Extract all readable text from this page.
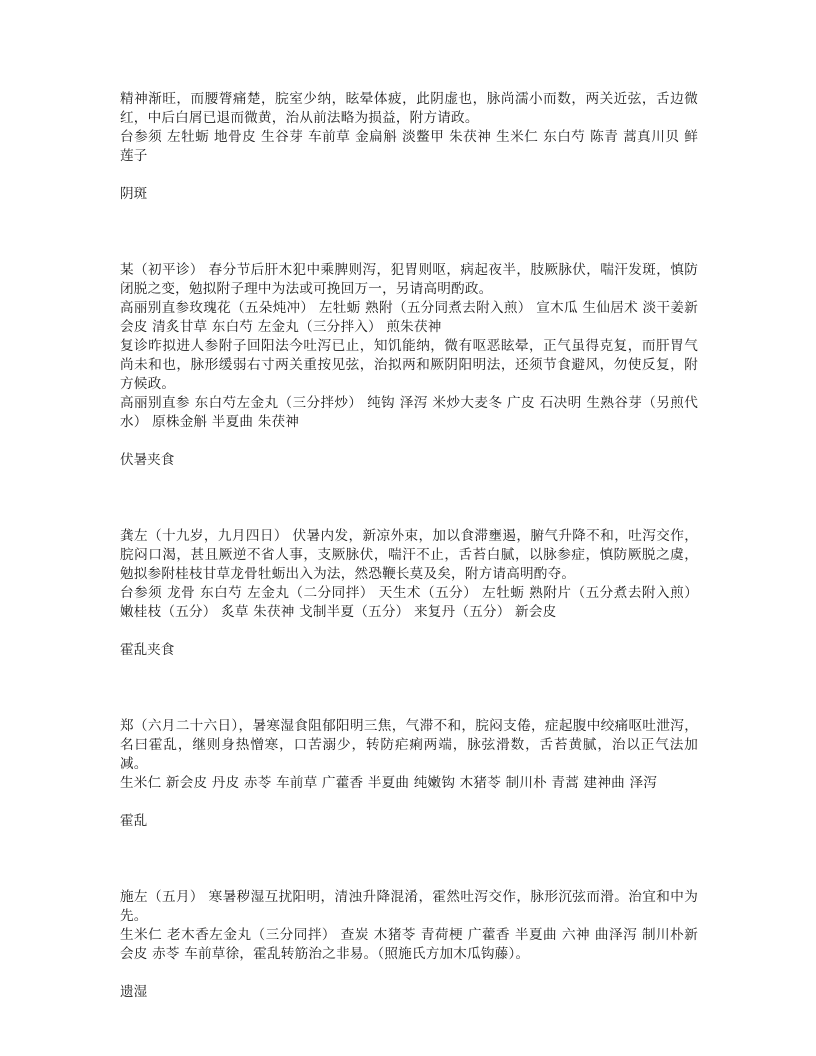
精神渐旺，而腰膂痛楚，脘室少纳，眩晕体疲，此阴虚也，脉尚濡小而数，两关近弦，舌边微红，中后白屑已退而微黄，治从前法略为损益，附方请政。

台参须 左牡蛎 地骨皮 生谷芽 车前草 金扁斛 淡鳖甲 朱茯神 生米仁 东白芍 陈青 蒿真川贝 鲜莲子

阴斑

某（初平诊） 春分节后肝木犯中乘脾则泻，犯胃则呕，病起夜半，肢厥脉伏，喘汗发斑，慎防闭脱之变，勉拟附子理中为法或可挽回万一，另请高明酌政。

高丽别直参玫瑰花（五朵炖冲） 左牡蛎 熟附（五分同煮去附入煎） 宣木瓜 生仙居术 淡干姜新会皮 清炙甘草 东白芍 左金丸（三分拌入） 煎朱茯神

复诊昨拟进人参附子回阳法今吐泻已止，知饥能纳，微有呕恶眩晕，正气虽得克复，而肝胃气尚未和也，脉形缓弱右寸两关重按见弦，治拟两和厥阴阳明法，还须节食避风，勿使反复，附方候政。

高丽别直参 东白芍左金丸（三分拌炒） 纯钩 泽泻 米炒大麦冬 广皮 石决明 生熟谷芽（另煎代水） 原株金斛 半夏曲 朱茯神

伏暑夹食

龚左（十九岁，九月四日） 伏暑内发，新凉外束，加以食滞壅遏，腑气升降不和，吐泻交作，脘闷口渴，甚且厥逆不省人事，支厥脉伏，喘汗不止，舌苔白腻，以脉参症，慎防厥脱之虞，勉拟参附桂枝甘草龙骨牡蛎出入为法，然恐鞭长莫及矣，附方请高明酌夺。

台参须 龙骨 东白芍 左金丸（二分同拌） 天生术（五分） 左牡蛎 熟附片（五分煮去附入煎）嫩桂枝（五分） 炙草 朱茯神 戈制半夏（五分） 来复丹（五分） 新会皮

霍乱夹食

郑（六月二十六日），暑寒湿食阻郁阳明三焦，气滞不和，脘闷支倦，症起腹中绞痛呕吐泄泻，名曰霍乱，继则身热憎寒，口苦溺少，转防疟痢两端，脉弦滑数，舌苔黄腻，治以正气法加减。

生米仁 新会皮 丹皮 赤苓 车前草 广藿香 半夏曲 纯嫩钩 木猪苓 制川朴 青蒿 建神曲 泽泻

霍乱

施左（五月） 寒暑秽湿互扰阳明，清浊升降混淆，霍然吐泻交作，脉形沉弦而滑。治宜和中为先。

生米仁 老木香左金丸（三分同拌） 查炭 木猪苓 青荷梗 广藿香 半夏曲 六神 曲泽泻 制川朴新会皮 赤苓 车前草徐，霍乱转筋治之非易。（照施氏方加木瓜钩藤）。

遗湿
